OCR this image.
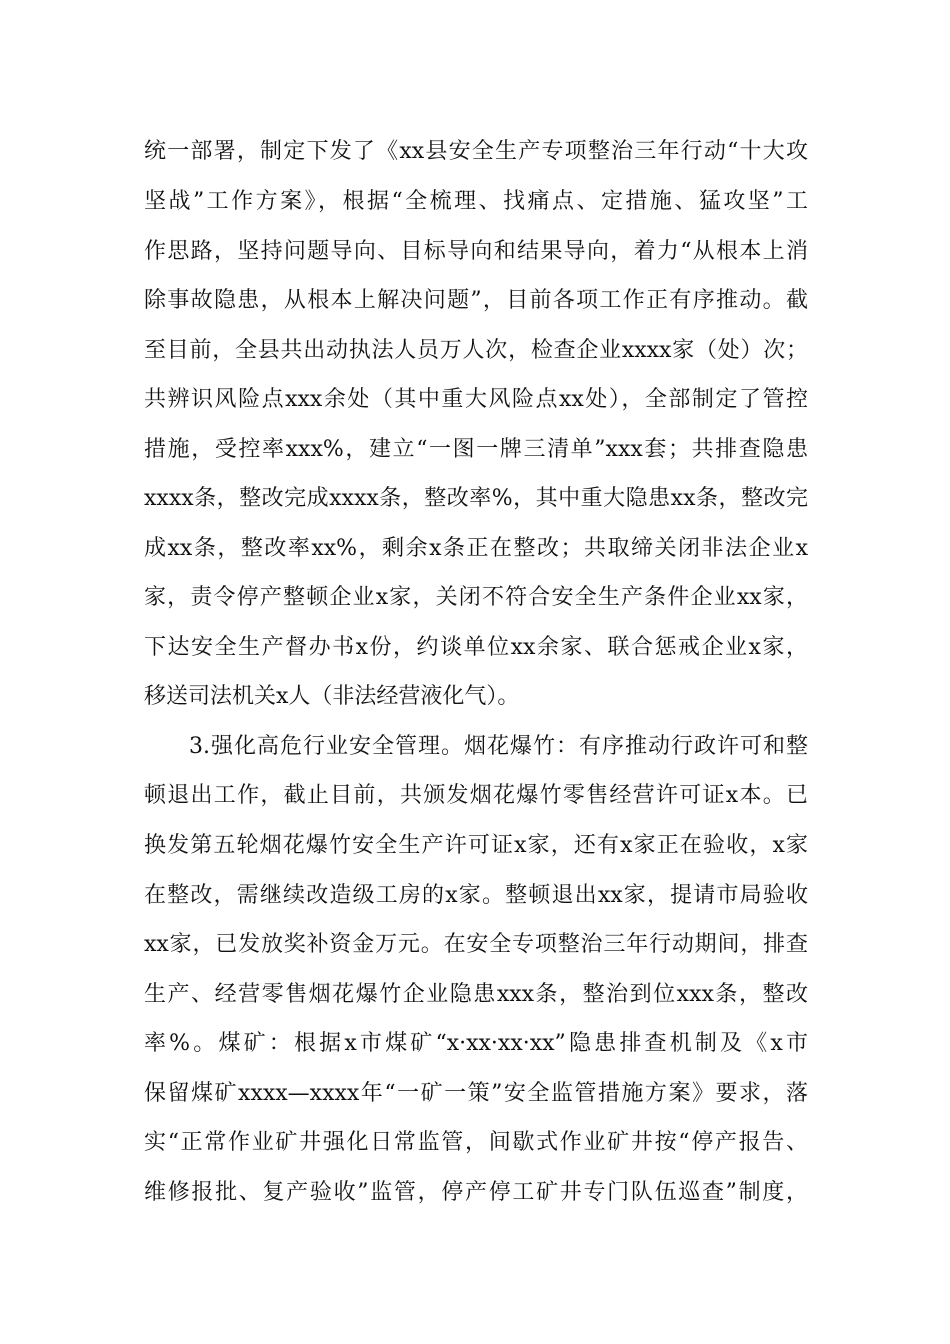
统一部署，制定下发了《xx县安全生产专项整治三年行动“十大攻
坚战”工作方案》，根据“全梳理、找痛点、定措施、猛攻坚”工
作思路，坚持问题导向、目标导向和结果导向，着力“从根本上消
除事故隐患，从根本上解决问题”，目前各项工作正有序推动。截
至目前，全县共出动执法人员万人次，检查企业xxxx家（处）次；
共辨识风险点xxx余处（其中重大风险点xx处），全部制定了管控
措施，受控率xxx%，建立“一图一牌三清单”xxx套；共排查隐患
xxxx条，整改完成xxxx条，整改率%，其中重大隐患xx条，整改完
成xx条，整改率xx%，剩余x条正在整改；共取缔关闭非法企业x
家，责令停产整顿企业x家，关闭不符合安全生产条件企业xx家，
下达安全生产督办书x份，约谈单位xx余家、联合惩戒企业x家，
移送司法机关x人（非法经营液化气）。
3.强化高危行业安全管理。烟花爆竹：有序推动行政许可和整
顿退出工作，截止目前，共颁发烟花爆竹零售经营许可证x本。已
换发第五轮烟花爆竹安全生产许可证x家，还有x家正在验收，x家
在整改，需继续改造级工房的x家。整顿退出xx家，提请市局验收
xx家，已发放奖补资金万元。在安全专项整治三年行动期间，排查
生产、经营零售烟花爆竹企业隐患xxx条，整治到位xxx条，整改
率%。煤矿：根据x市煤矿“x·xx·xx·xx”隐患排查机制及《x市
保留煤矿xxxx—xxxx年“一矿一策”安全监管措施方案》要求，落
实“正常作业矿井强化日常监管，间歇式作业矿井按“停产报告、
维修报批、复产验收”监管，停产停工矿井专门队伍巡查”制度，
